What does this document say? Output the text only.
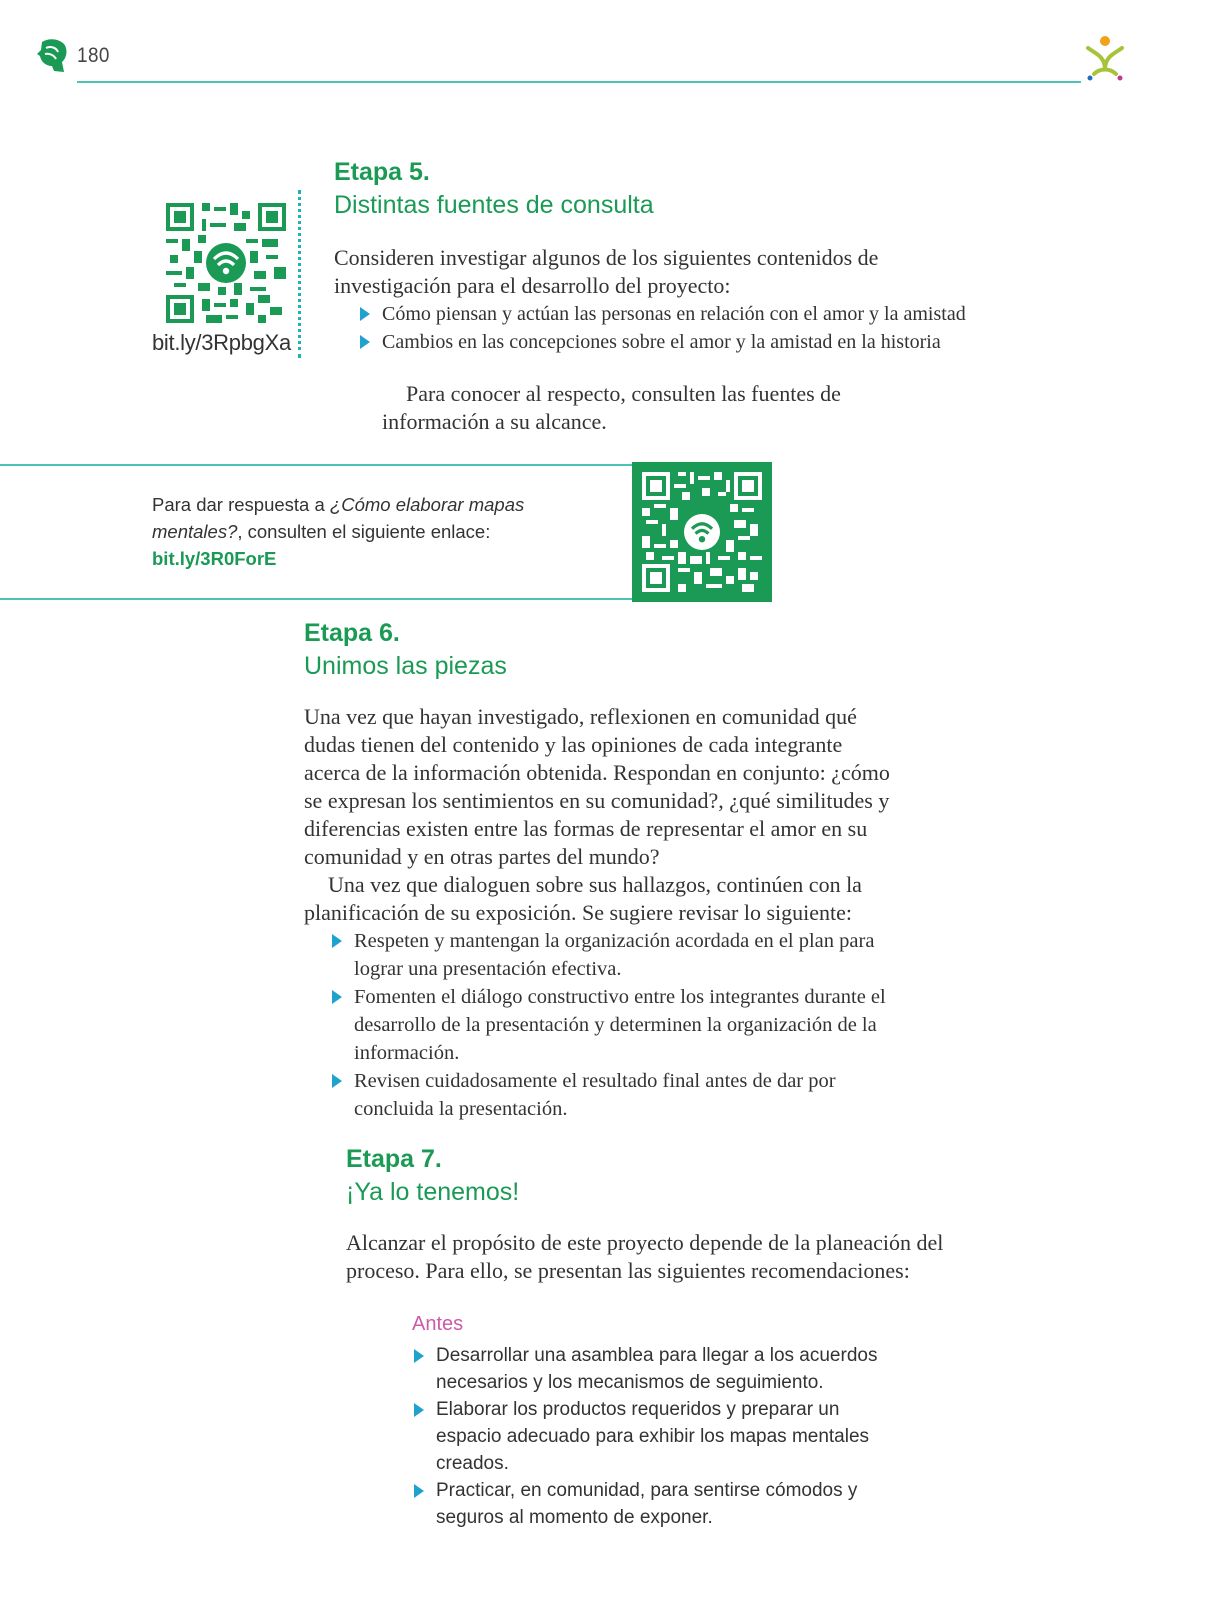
180
bit.ly/3RpbgXa
Etapa 5.
Distintas fuentes de consulta
Consideren investigar algunos de los siguientes contenidos de investigación para el desarrollo del proyecto:
Cómo piensan y actúan las personas en relación con el amor y la amistad
Cambios en las concepciones sobre el amor y la amistad en la historia
Para conocer al respecto, consulten las fuentes de información a su alcance.
Para dar respuesta a ¿Cómo elaborar mapas mentales?, consulten el siguiente enlace:
bit.ly/3R0ForE
Etapa 6.
Unimos las piezas
Una vez que hayan investigado, reflexionen en comunidad qué dudas tienen del contenido y las opiniones de cada integrante acerca de la información obtenida. Respondan en conjunto: ¿cómo se expresan los sentimientos en su comunidad?, ¿qué similitudes y diferencias existen entre las formas de representar el amor en su comunidad y en otras partes del mundo?
Una vez que dialoguen sobre sus hallazgos, continúen con la planificación de su exposición. Se sugiere revisar lo siguiente:
Respeten y mantengan la organización acordada en el plan para lograr una presentación efectiva.
Fomenten el diálogo constructivo entre los integrantes durante el desarrollo de la presentación y determinen la organización de la información.
Revisen cuidadosamente el resultado final antes de dar por concluida la presentación.
Etapa 7.
¡Ya lo tenemos!
Alcanzar el propósito de este proyecto depende de la planeación del proceso. Para ello, se presentan las siguientes recomendaciones:
Antes
Desarrollar una asamblea para llegar a los acuerdos necesarios y los mecanismos de seguimiento.
Elaborar los productos requeridos y preparar un espacio adecuado para exhibir los mapas mentales creados.
Practicar, en comunidad, para sentirse cómodos y seguros al momento de exponer.
